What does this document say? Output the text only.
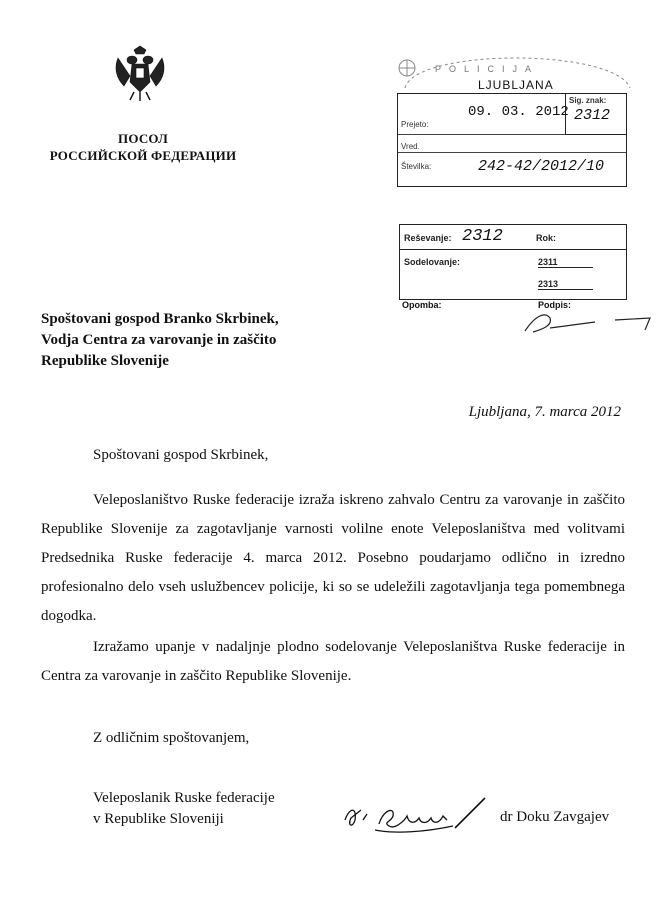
ПОСОЛ
РОССИЙСКОЙ ФЕДЕРАЦИИ
POLICIJA
LJUBLJANA
Prejeto:
09. 03. 2012
Sig. znak:
2312
Vred.
Številka:	242-42/2012/10
Reševanje: 2312	Rok:
Sodelovanje:	2311
2313
Opomba:	Podpis:
Spoštovani gospod Branko Skrbinek,
Vodja Centra za varovanje in zaščito
Republike Slovenije
Ljubljana, 7. marca 2012
Spoštovani gospod Skrbinek,
Veleposlaništvo Ruske federacije izraža iskreno zahvalo Centru za varovanje in zaščito Republike Slovenije za zagotavljanje varnosti volilne enote Veleposlaništva med volitvami Predsednika Ruske federacije 4. marca 2012. Posebno poudarjamo odlično in izredno profesionalno delo vseh uslužbencev policije, ki so se udeležili zagotavljanja tega pomembnega dogodka.
Izražamo upanje v nadaljnje plodno sodelovanje Veleposlaništva Ruske federacije in Centra za varovanje in zaščito Republike Slovenije.
Z odličnim spoštovanjem,
Veleposlanik Ruske federacije
v Republike Sloveniji	dr Doku Zavgajev
